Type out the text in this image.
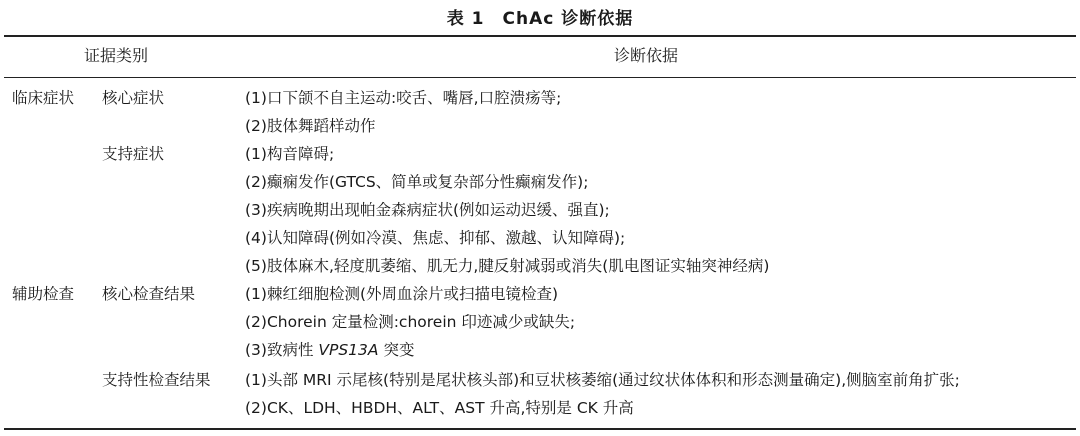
表 1　ChAc 诊断依据
证据类别	诊断依据
临床症状 核心症状	(1)口下颌不自主运动:咬舌、嘴唇,口腔溃疡等;
(2)肢体舞蹈样动作
支持症状	(1)构音障碍;
(2)癫痫发作(GTCS、简单或复杂部分性癫痫发作);
(3)疾病晚期出现帕金森病症状(例如运动迟缓、强直);
(4)认知障碍(例如冷漠、焦虑、抑郁、激越、认知障碍);
(5)肢体麻木,轻度肌萎缩、肌无力,腱反射减弱或消失(肌电图证实轴突神经病)
辅助检查 核心检查结果	(1)棘红细胞检测(外周血涂片或扫描电镜检查)
(2)Chorein 定量检测:chorein 印迹减少或缺失;
(3)致病性 VPS13A 突变
支持性检查结果 (1)头部 MRI 示尾核(特别是尾状核头部)和豆状核萎缩(通过纹状体体积和形态测量确定),侧脑室前角扩张;
(2)CK、LDH、HBDH、ALT、AST 升高,特别是 CK 升高
